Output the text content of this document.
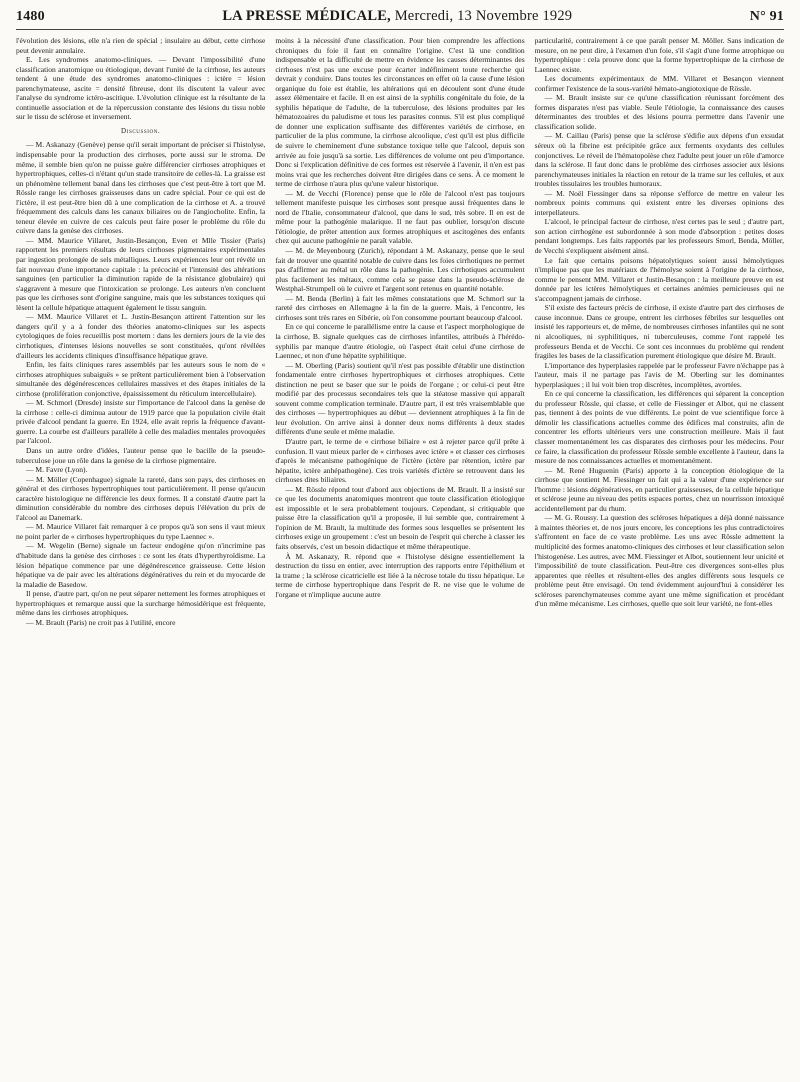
1480	LA PRESSE MÉDICALE, Mercredi, 13 Novembre 1929	N° 91

l'évolution des lésions, elle n'a rien de spécial ; insulaire au début, cette cirrhose peut devenir annulaire.

E. Les syndromes anatomo-cliniques. — Devant l'impossibilité d'une classification anatomique ou étiologique, devant l'unité de la cirrhose, les auteurs tendent à une étude des syndromes anatomo-cliniques : ictère = lésion parenchymateuse, ascite = densité fibreuse, dont ils discutent la valeur avec l'analyse du syndrome ictéro-ascitique. L'évolution clinique est la résultante de la continuelle association et de la répercussion constante des lésions du tissu noble sur le tissu de sclérose et inversement.

Discussion.

— M. Askanazy (Genève) pense qu'il serait important de préciser si l'histolyse, indispensable pour la production des cirrhoses, porte aussi sur le stroma. De même, il semble bien qu'on ne puisse guère différencier cirrhoses atrophiques et hypertrophiques, celles-ci n'étant qu'un stade transitoire de celles-là. La graisse est un phénomène tellement banal dans les cirrhoses que c'est peut-être à tort que M. Rössle range les cirrhoses graisseuses dans un cadre spécial. Pour ce qui est de l'ictère, il est peut-être bien dû à une complication de la cirrhose et A. a trouvé fréquemment des calculs dans les canaux biliaires ou de l'angiocholite. Enfin, la teneur élevée en cuivre de ces calculs peut faire poser le problème du rôle du cuivre dans la genèse des cirrhoses.

— MM. Maurice Villaret, Justin-Besançon, Even et Mlle Tissier (Paris) rapportent les premiers résultats de leurs cirrhoses pigmentaires expérimentales par ingestion prolongée de sels métalliques. Leurs expériences leur ont révélé un fait nouveau d'une importance capitale : la précocité et l'intensité des altérations sanguines (en particulier la diminution rapide de la résistance globulaire) qui s'aggravent à mesure que l'intoxication se prolonge. Les auteurs n'en concluent pas que les cirrhoses sont d'origine sanguine, mais que les substances toxiques qui lèsent la cellule hépatique attaquent également le tissu sanguin.

— MM. Maurice Villaret et L. Justin-Besançon attirent l'attention sur les dangers qu'il y a à fonder des théories anatomo-cliniques sur les aspects cytologiques de foies recueillis post mortem : dans les derniers jours de la vie des cirrhotiques, d'intenses lésions nouvelles se sont constituées, qu'ont révélées d'ailleurs les accidents cliniques d'insuffisance hépatique grave.

Enfin, les faits cliniques rares assemblés par les auteurs sous le nom de « cirrhoses atrophiques subaiguës » se prêtent particulièrement bien à l'observation simultanée des dégénérescences cellulaires massives et des étapes initiales de la cirrhose (prolifération conjonctive, épaississement du réticulum intercellulaire).

— M. Schmorl (Dresde) insiste sur l'importance de l'alcool dans la genèse de la cirrhose : celle-ci diminua autour de 1919 parce que la population civile était privée d'alcool pendant la guerre. En 1924, elle avait repris la fréquence d'avant-guerre. La courbe est d'ailleurs parallèle à celle des maladies mentales provoquées par l'alcool.

Dans un autre ordre d'idées, l'auteur pense que le bacille de la pseudo-tuberculose joue un rôle dans la genèse de la cirrhose pigmentaire.

— M. Favre (Lyon).

— M. Möller (Copenhague) signale la rareté, dans son pays, des cirrhoses en général et des cirrhoses hypertrophiques tout particulièrement. Il pense qu'aucun caractère histologique ne différencie les deux formes. Il a constaté d'autre part la diminution considérable du nombre des cirrhoses depuis l'élévation du prix de l'alcool au Danemark.

— M. Maurice Villaret fait remarquer à ce propos qu'à son sens il vaut mieux ne point parler de « cirrhoses hypertrophiques du type Laennec ».

— M. Wegelin (Berne) signale un facteur endogène qu'on n'incrimine pas d'habitude dans la genèse des cirrhoses : ce sont les états d'hyperthyroïdisme. La lésion hépatique commence par une dégénérescence graisseuse. Cette lésion hépatique va de pair avec les altérations dégénératives du rein et du myocarde de la maladie de Basedow.

Il pense, d'autre part, qu'on ne peut séparer nettement les formes atrophiques et hypertrophiques et remarque aussi que la surcharge hémosidérique est fréquente, même dans les cirrhoses atrophiques.

— M. Brault (Paris) ne croit pas à l'utilité, encore

moins à la nécessité d'une classification. Pour bien comprendre les affections chroniques du foie il faut en connaître l'origine. C'est là une condition indispensable et la difficulté de mettre en évidence les causes déterminantes des cirrhoses n'est pas une excuse pour écarter indéfiniment toute recherche qui devrait y conduire. Dans toutes les circonstances en effet où la cause d'une lésion organique du foie est établie, les altérations qui en découlent sont d'une étude assez élémentaire et facile. Il en est ainsi de la syphilis congénitale du foie, de la syphilis hépatique de l'adulte, de la tuberculose, des lésions produites par les hématozoaires du paludisme et tous les parasites connus. S'il est plus compliqué de donner une explication suffisante des différentes variétés de cirrhose, en particulier de la plus commune, la cirrhose alcoolique, c'est qu'il est plus difficile de suivre le cheminement d'une substance toxique telle que l'alcool, depuis son arrivée au foie jusqu'à sa sortie. Les différences de volume ont peu d'importance. Donc si l'explication définitive de ces formes est réservée à l'avenir, il n'en est pas moins vrai que les recherches doivent être dirigées dans ce sens. À ce moment le terme de cirrhose n'aura plus qu'une valeur historique.

— M. de Vecchi (Florence) pense que le rôle de l'alcool n'est pas toujours tellement manifeste puisque les cirrhoses sont presque aussi fréquentes dans le nord de l'Italie, consommateur d'alcool, que dans le sud, très sobre. Il en est de même pour la pathogénie malarique. Il ne faut pas oublier, lorsqu'on discute l'étiologie, de prêter attention aux formes atrophiques et ascitogènes des enfants chez qui aucune pathogénie ne paraît valable.

— M. de Meyenbourg (Zurich), répondant à M. Askanazy, pense que le seul fait de trouver une quantité notable de cuivre dans les foies cirrhotiques ne permet pas d'affirmer au métal un rôle dans la pathogénie. Les cirrhotiques accumulent plus facilement les métaux, comme cela se passe dans la pseudo-sclérose de Westphal-Strumpell où le cuivre et l'argent sont retenus en quantité notable.

— M. Benda (Berlin) à fait les mêmes constatations que M. Schmorl sur la rareté des cirrhoses en Allemagne à la fin de la guerre. Mais, à l'encontre, les cirrhoses sont très rares en Sibérie, où l'on consomme pourtant beaucoup d'alcool.

En ce qui concerne le parallélisme entre la cause et l'aspect morphologique de la cirrhose, B. signale quelques cas de cirrhoses infantiles, attribués à l'hérédo-syphilis par manque d'autre étiologie, où l'aspect était celui d'une cirrhose de Laennec, et non d'une hépatite syphilitique.

— M. Oberling (Paris) soutient qu'il n'est pas possible d'établir une distinction fondamentale entre cirrhoses hypertrophiques et cirrhoses atrophiques. Cette distinction ne peut se baser que sur le poids de l'organe ; or celui-ci peut être modifié par des processus secondaires tels que la stéatose massive qui apparaît souvent comme complication terminale. D'autre part, il est très vraisemblable que des cirrhoses — hypertrophiques au début — deviennent atrophiques à la fin de leur évolution. On arrive ainsi à donner deux noms différents à deux stades différents d'une seule et même maladie.

D'autre part, le terme de « cirrhose biliaire » est à rejeter parce qu'il prête à confusion. Il vaut mieux parler de « cirrhoses avec ictère » et classer ces cirrhoses d'après le mécanisme pathogénique de l'ictère (ictère par rétention, ictère par hépatite, ictère anhépathogène). Ces trois variétés d'ictère se retrouvent dans les cirrhoses dites biliaires.

— M. Rössle répond tout d'abord aux objections de M. Brault. Il a insisté sur ce que les documents anatomiques montrent que toute classification étiologique est impossible et le sera probablement toujours. Cependant, si critiquable que puisse être la classification qu'il a proposée, il lui semble que, contrairement à l'opinion de M. Brault, la multitude des formes sous lesquelles se présentent les cirrhoses exige un groupement : c'est un besoin de l'esprit qui cherche à classer les faits observés, c'est un besoin didactique et même thérapeutique.

À M. Askanazy, R. répond que « l'histolyse désigne essentiellement la destruction du tissu en entier, avec interruption des rapports entre l'épithélium et la trame ; la sclérose cicatricielle est liée à la nécrose totale du tissu hépatique. Le terme de cirrhose hypertrophique dans l'esprit de R. ne vise que le volume de l'organe et n'implique aucune autre

particularité, contrairement à ce que paraît penser M. Möller. Sans indication de mesure, on ne peut dire, à l'examen d'un foie, s'il s'agit d'une forme atrophique ou hypertrophique : cela prouve donc que la forme hypertrophique de la cirrhose de Laennec existe.

Les documents expérimentaux de MM. Villaret et Besançon viennent confirmer l'existence de la sous-variété hémato-angiotoxique de Rössle.

— M. Brault insiste sur ce qu'une classification réunissant forcément des formes disparates n'est pas viable. Seule l'étiologie, la connaissance des causes déterminantes des troubles et des lésions pourra permettre dans l'avenir une classification solide.

— M. Caillau (Paris) pense que la sclérose s'édifie aux dépens d'un exsudat séreux où la fibrine est précipitée grâce aux ferments oxydants des cellules conjonctives. Le réveil de l'hématopoïèse chez l'adulte peut jouer un rôle d'amorce dans la sclérose. Il faut donc dans le problème des cirrhoses associer aux lésions parenchymateuses initiales la réaction en retour de la trame sur les cellules, et aux troubles tissulaires les troubles humoraux.

— M. Noël Fiessinger dans sa réponse s'efforce de mettre en valeur les nombreux points communs qui existent entre les diverses opinions des interpellateurs.

L'alcool, le principal facteur de cirrhose, n'est certes pas le seul ; d'autre part, son action cirrhogène est subordonnée à son mode d'absorption : petites doses pendant longtemps. Les faits rapportés par les professeurs Smorl, Benda, Möller, de Vecchi s'expliquent aisément ainsi.

Le fait que certains poisons hépatolytiques soient aussi hémolytiques n'implique pas que les matériaux de l'hémolyse soient à l'origine de la cirrhose, comme le pensent MM. Villaret et Justin-Besançon : la meilleure preuve en est donnée par les ictères hémolytiques et certaines anémies pernicieuses qui ne s'accompagnent jamais de cirrhose.

S'il existe des facteurs précis de cirrhose, il existe d'autre part des cirrhoses de cause inconnue. Dans ce groupe, entrent les cirrhoses fébriles sur lesquelles ont insisté les rapporteurs et, de même, de nombreuses cirrhoses infantiles qui ne sont ni alcooliques, ni syphilitiques, ni tuberculeuses, comme l'ont rappelé les professeurs Benda et de Vecchi. Ce sont ces inconnues du problème qui rendent fragiles les bases de la classification purement étiologique que désire M. Brault.

L'importance des hyperplasies rappelée par le professeur Favre n'échappe pas à l'auteur, mais il ne partage pas l'avis de M. Oberling sur les dominantes hyperplasiques ; il lui voit bien trop discrètes, incomplètes, avortées.

En ce qui concerne la classification, les différences qui séparent la conception du professeur Rössle, qui classe, et celle de Fiessinger et Albot, qui ne classent pas, tiennent à des points de vue différents. Le point de vue scientifique force à démolir les classifications actuelles comme des édifices mal construits, afin de concentrer les efforts ultérieurs vers une construction meilleure. Mais il faut classer momentanément les cas disparates des cirrhoses pour les médecins. Pour ce faire, la classification du professeur Rössle semble excellente à l'auteur, dans la mesure de nos connaissances actuelles et momentanément.

— M. René Huguenin (Paris) apporte à la conception étiologique de la cirrhose que soutient M. Fiessinger un fait qui a la valeur d'une expérience sur l'homme : lésions dégénératives, en particulier graisseuses, de la cellule hépatique et sclérose jeune au niveau des petits espaces portes, chez un nourrisson intoxiqué accidentellement par du rhum.

— M. G. Roussy. La question des scléroses hépatiques a déjà donné naissance à maintes théories et, de nos jours encore, les conceptions les plus contradictoires s'affrontent en face de ce vaste problème. Les uns avec Rössle admettent la multiplicité des formes anatomo-cliniques des cirrhoses et leur classification selon l'histogenèse. Les autres, avec MM. Fiessinger et Albot, soutiennent leur unicité et l'impossibilité de toute classification. Peut-être ces divergences sont-elles plus apparentes que réelles et résultent-elles des angles différents sous lesquels ce problème peut être envisagé. On tend évidemment aujourd'hui à considérer les scléroses parenchymateuses comme ayant une même signification et procédant d'un même mécanisme. Les cirrhoses, quelle que soit leur variété, ne font-elles
